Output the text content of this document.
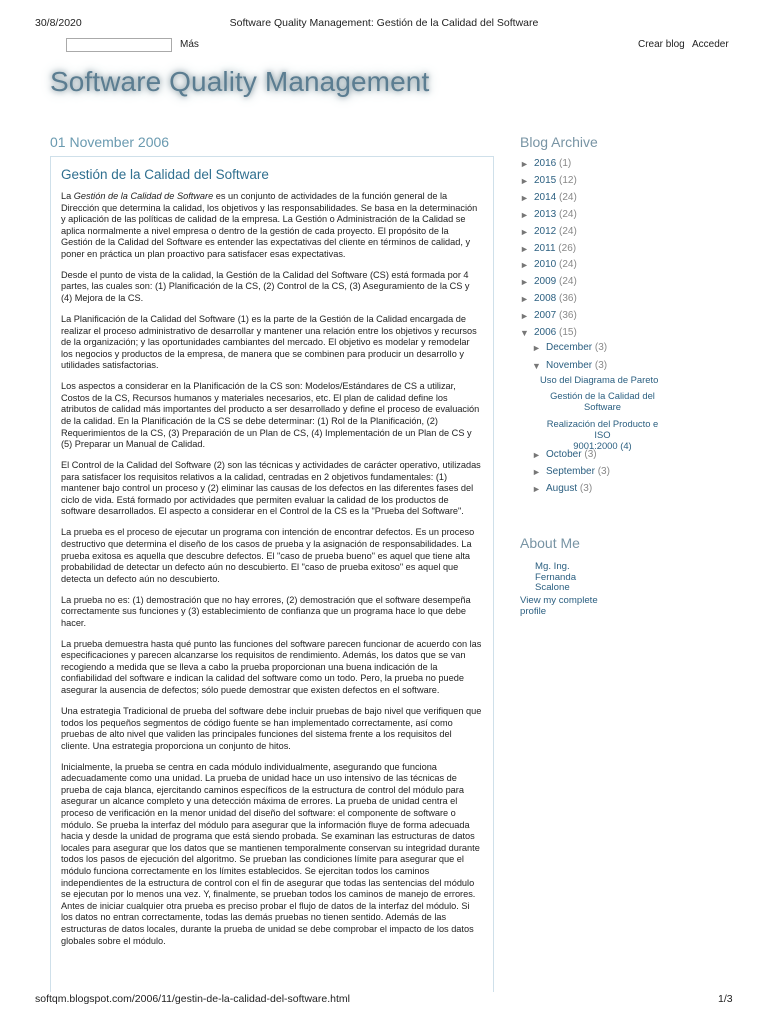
30/8/2020	Software Quality Management: Gestión de la Calidad del Software
Más	Crear blog Acceder
Software Quality Management
01 November 2006
Gestión de la Calidad del Software

La Gestión de la Calidad de Software es un conjunto de actividades de la función general de la Dirección que determina la calidad, los objetivos y las responsabilidades. Se basa en la determinación y aplicación de las políticas de calidad de la empresa. La Gestión o Administración de la Calidad se aplica normalmente a nivel empresa o dentro de la gestión de cada proyecto. El propósito de la Gestión de la Calidad del Software es entender las expectativas del cliente en términos de calidad, y poner en práctica un plan proactivo para satisfacer esas expectativas.

Desde el punto de vista de la calidad, la Gestión de la Calidad del Software (CS) está formada por 4 partes, las cuales son: (1) Planificación de la CS, (2) Control de la CS, (3) Aseguramiento de la CS y (4) Mejora de la CS.

La Planificación de la Calidad del Software (1) es la parte de la Gestión de la Calidad encargada de realizar el proceso administrativo de desarrollar y mantener una relación entre los objetivos y recursos de la organización; y las oportunidades cambiantes del mercado. El objetivo es modelar y remodelar los negocios y productos de la empresa, de manera que se combinen para producir un desarrollo y utilidades satisfactorias.

Los aspectos a considerar en la Planificación de la CS son: Modelos/Estándares de CS a utilizar, Costos de la CS, Recursos humanos y materiales necesarios, etc. El plan de calidad define los atributos de calidad más importantes del producto a ser desarrollado y define el proceso de evaluación de la calidad. En la Planificación de la CS se debe determinar: (1) Rol de la Planificación, (2) Requerimientos de la CS, (3) Preparación de un Plan de CS, (4) Implementación de un Plan de CS y (5) Preparar un Manual de Calidad.

El Control de la Calidad del Software (2) son las técnicas y actividades de carácter operativo, utilizadas para satisfacer los requisitos relativos a la calidad, centradas en 2 objetivos fundamentales: (1) mantener bajo control un proceso y (2) eliminar las causas de los defectos en las diferentes fases del ciclo de vida. Está formado por actividades que permiten evaluar la calidad de los productos de software desarrollados. El aspecto a considerar en el Control de la CS es la "Prueba del Software".

La prueba es el proceso de ejecutar un programa con intención de encontrar defectos. Es un proceso destructivo que determina el diseño de los casos de prueba y la asignación de responsabilidades. La prueba exitosa es aquella que descubre defectos. El "caso de prueba bueno" es aquel que tiene alta probabilidad de detectar un defecto aún no descubierto. El "caso de prueba exitoso" es aquel que detecta un defecto aún no descubierto.

La prueba no es: (1) demostración que no hay errores, (2) demostración que el software desempeña correctamente sus funciones y (3) establecimiento de confianza que un programa hace lo que debe hacer.

La prueba demuestra hasta qué punto las funciones del software parecen funcionar de acuerdo con las especificaciones y parecen alcanzarse los requisitos de rendimiento. Además, los datos que se van recogiendo a medida que se lleva a cabo la prueba proporcionan una buena indicación de la confiabilidad del software e indican la calidad del software como un todo. Pero, la prueba no puede asegurar la ausencia de defectos; sólo puede demostrar que existen defectos en el software.

Una estrategia Tradicional de prueba del software debe incluir pruebas de bajo nivel que verifiquen que todos los pequeños segmentos de código fuente se han implementado correctamente, así como pruebas de alto nivel que validen las principales funciones del sistema frente a los requisitos del cliente. Una estrategia proporciona un conjunto de hitos.

Inicialmente, la prueba se centra en cada módulo individualmente, asegurando que funciona adecuadamente como una unidad. La prueba de unidad hace un uso intensivo de las técnicas de prueba de caja blanca, ejercitando caminos específicos de la estructura de control del módulo para asegurar un alcance completo y una detección máxima de errores. La prueba de unidad centra el proceso de verificación en la menor unidad del diseño del software: el componente de software o módulo. Se prueba la interfaz del módulo para asegurar que la información fluye de forma adecuada hacia y desde la unidad de programa que está siendo probada. Se examinan las estructuras de datos locales para asegurar que los datos que se mantienen temporalmente conservan su integridad durante todos los pasos de ejecución del algoritmo. Se prueban las condiciones límite para asegurar que el módulo funciona correctamente en los límites establecidos. Se ejercitan todos los caminos independientes de la estructura de control con el fin de asegurar que todas las sentencias del módulo se ejecutan por lo menos una vez. Y, finalmente, se prueban todos los caminos de manejo de errores. Antes de iniciar cualquier otra prueba es preciso probar el flujo de datos de la interfaz del módulo. Si los datos no entran correctamente, todas las demás pruebas no tienen sentido. Además de las estructuras de datos locales, durante la prueba de unidad se debe comprobar el impacto de los datos globales sobre el módulo.

Blog Archive
► 2016 (1)
► 2015 (12)
► 2014 (24)
► 2013 (24)
► 2012 (24)
► 2011 (26)
► 2010 (24)
► 2009 (24)
► 2008 (36)
► 2007 (36)
▼ 2006 (15)
► December (3)
▼ November (3)
Uso del Diagrama de Pareto
Gestión de la Calidad del
Software
Realización del Producto e ISO
9001:2000 (4)
► October (3)
► September (3)
► August (3)
About Me
Mg. Ing.
Fernanda
Scalone
View my complete
profile
softqm.blogspot.com/2006/11/gestin-de-la-calidad-del-software.html	1/3
